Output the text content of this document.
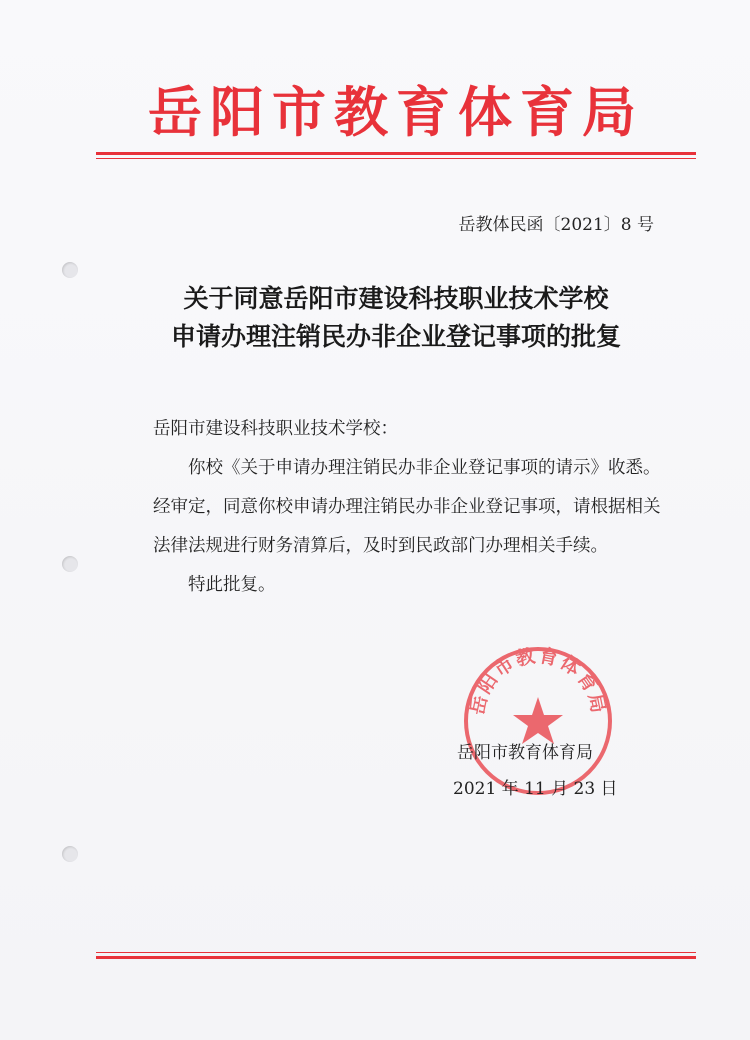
岳阳市教育体育局
岳教体民函〔2021〕8 号
关于同意岳阳市建设科技职业技术学校
申请办理注销民办非企业登记事项的批复

岳阳市建设科技职业技术学校：

你校《关于申请办理注销民办非企业登记事项的请示》收悉。经审定，同意你校申请办理注销民办非企业登记事项，请根据相关法律法规进行财务清算后，及时到民政部门办理相关手续。

特此批复。

岳阳市教育体育局
岳阳市教育体育局
2021 年 11 月 23 日
